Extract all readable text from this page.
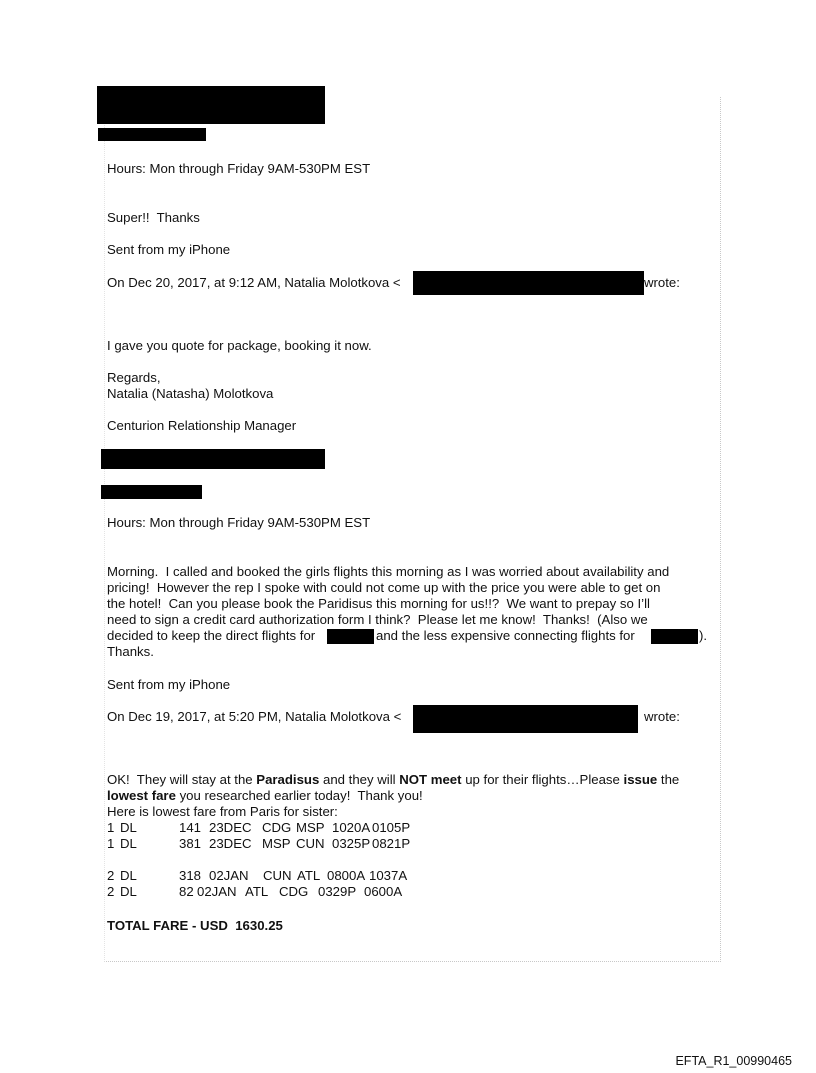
Hours: Mon through Friday 9AM-530PM EST
Super!!  Thanks
Sent from my iPhone
On Dec 20, 2017, at 9:12 AM, Natalia Molotkova <	wrote:
I gave you quote for package, booking it now.
Regards,
Natalia (Natasha) Molotkova
Centurion Relationship Manager
Hours: Mon through Friday 9AM-530PM EST
Morning.  I called and booked the girls flights this morning as I was worried about availability and
pricing!  However the rep I spoke with could not come up with the price you were able to get on
the hotel!  Can you please book the Paridisus this morning for us!!?  We want to prepay so I’ll
need to sign a credit card authorization form I think?  Please let me know!  Thanks!  (Also we
decided to keep the direct flights for	and the less expensive connecting flights for	).
Thanks.
Sent from my iPhone
On Dec 19, 2017, at 5:20 PM, Natalia Molotkova <	wrote:
OK!  They will stay at the Paradisus and they will NOT meet up for their flights…Please issue the
lowest fare you researched earlier today!  Thank you!
Here is lowest fare from Paris for sister:
1 DL	141 23DEC CDG MSP 1020A 0105P
1 DL	381 23DEC MSP CUN 0325P 0821P
2 DL	318 02JAN CUN ATL 0800A 1037A
2 DL	82 02JAN ATL CDG 0329P 0600A
TOTAL FARE - USD  1630.25
EFTA_R1_00990465
